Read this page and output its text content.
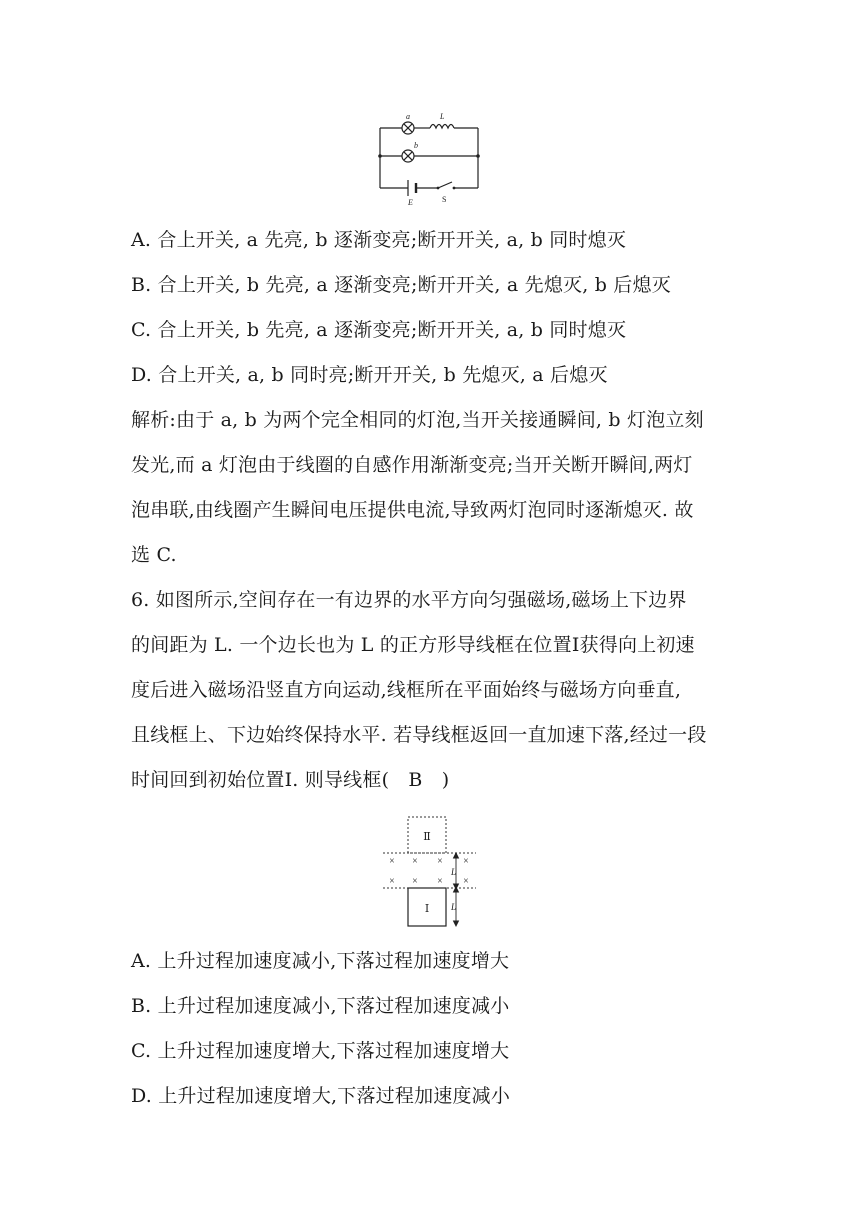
a
b
L
E	S
A. 合上开关, a 先亮, b 逐渐变亮;断开开关, a, b 同时熄灭
B. 合上开关, b 先亮, a 逐渐变亮;断开开关, a 先熄灭, b 后熄灭
C. 合上开关, b 先亮, a 逐渐变亮;断开开关, a, b 同时熄灭
D. 合上开关, a, b 同时亮;断开开关, b 先熄灭, a 后熄灭
解析:由于 a, b 为两个完全相同的灯泡,当开关接通瞬间, b 灯泡立刻
发光,而 a 灯泡由于线圈的自感作用渐渐变亮;当开关断开瞬间,两灯
泡串联,由线圈产生瞬间电压提供电流,导致两灯泡同时逐渐熄灭. 故
选 C.
6. 如图所示,空间存在一有边界的水平方向匀强磁场,磁场上下边界
的间距为 L. 一个边长也为 L 的正方形导线框在位置Ⅰ获得向上初速
度后进入磁场沿竖直方向运动,线框所在平面始终与磁场方向垂直,
且线框上、下边始终保持水平. 若导线框返回一直加速下落,经过一段
时间回到初始位置Ⅰ. 则导线框(　B　)
Ⅱ
× × × ×
× × × ×
Ⅰ
L
L
A. 上升过程加速度减小,下落过程加速度增大
B. 上升过程加速度减小,下落过程加速度减小
C. 上升过程加速度增大,下落过程加速度增大
D. 上升过程加速度增大,下落过程加速度减小
